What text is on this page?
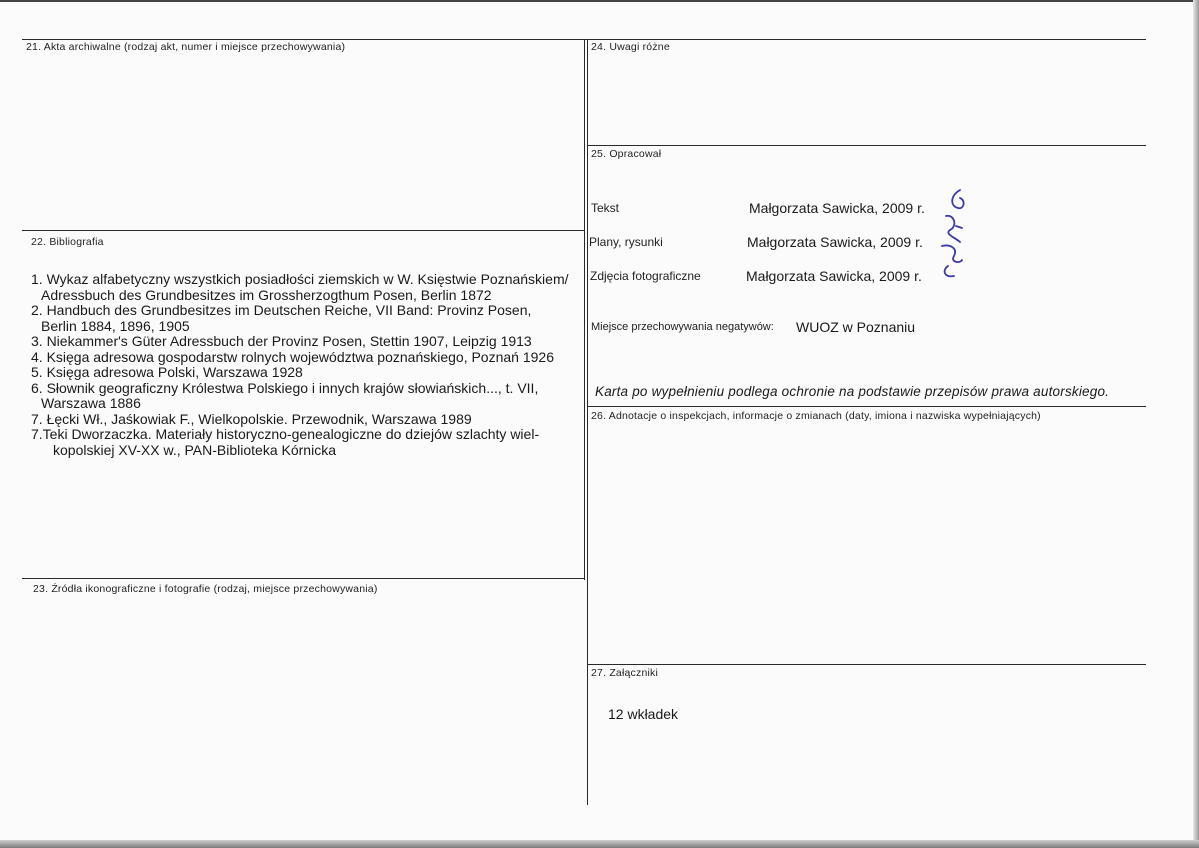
21. Akta archiwalne (rodzaj akt, numer i miejsce przechowywania)
22. Bibliografia
1. Wykaz alfabetyczny wszystkich posiadłości ziemskich w W. Księstwie Poznańskiem/
Adressbuch des Grundbesitzes im Grossherzogthum Posen, Berlin 1872
2. Handbuch des Grundbesitzes im Deutschen Reiche, VII Band: Provinz Posen,
Berlin 1884, 1896, 1905
3. Niekammer's Güter Adressbuch der Provinz Posen, Stettin 1907, Leipzig 1913
4. Księga adresowa gospodarstw rolnych województwa poznańskiego, Poznań 1926
5. Księga adresowa Polski, Warszawa 1928
6. Słownik geograficzny Królestwa Polskiego i innych krajów słowiańskich..., t. VII,
Warszawa 1886
7. Łęcki Wł., Jaśkowiak F., Wielkopolskie. Przewodnik, Warszawa 1989
7.Teki Dworzaczka. Materiały historyczno-genealogiczne do dziejów szlachty wiel-
kopolskiej XV-XX w., PAN-Biblioteka Kórnicka
23. Źródła ikonograficzne i fotografie (rodzaj, miejsce przechowywania)
24. Uwagi różne
25. Opracował
Tekst	Małgorzata Sawicka, 2009 r.
Plany, rysunki	Małgorzata Sawicka, 2009 r.
Zdjęcia fotograficzne	Małgorzata Sawicka, 2009 r.
Miejsce przechowywania negatywów: WUOZ w Poznaniu
Karta po wypełnieniu podlega ochronie na podstawie przepisów prawa autorskiego.
26. Adnotacje o inspekcjach, informacje o zmianach (daty, imiona i nazwiska wypełniających)
27. Załączniki
12 wkładek
